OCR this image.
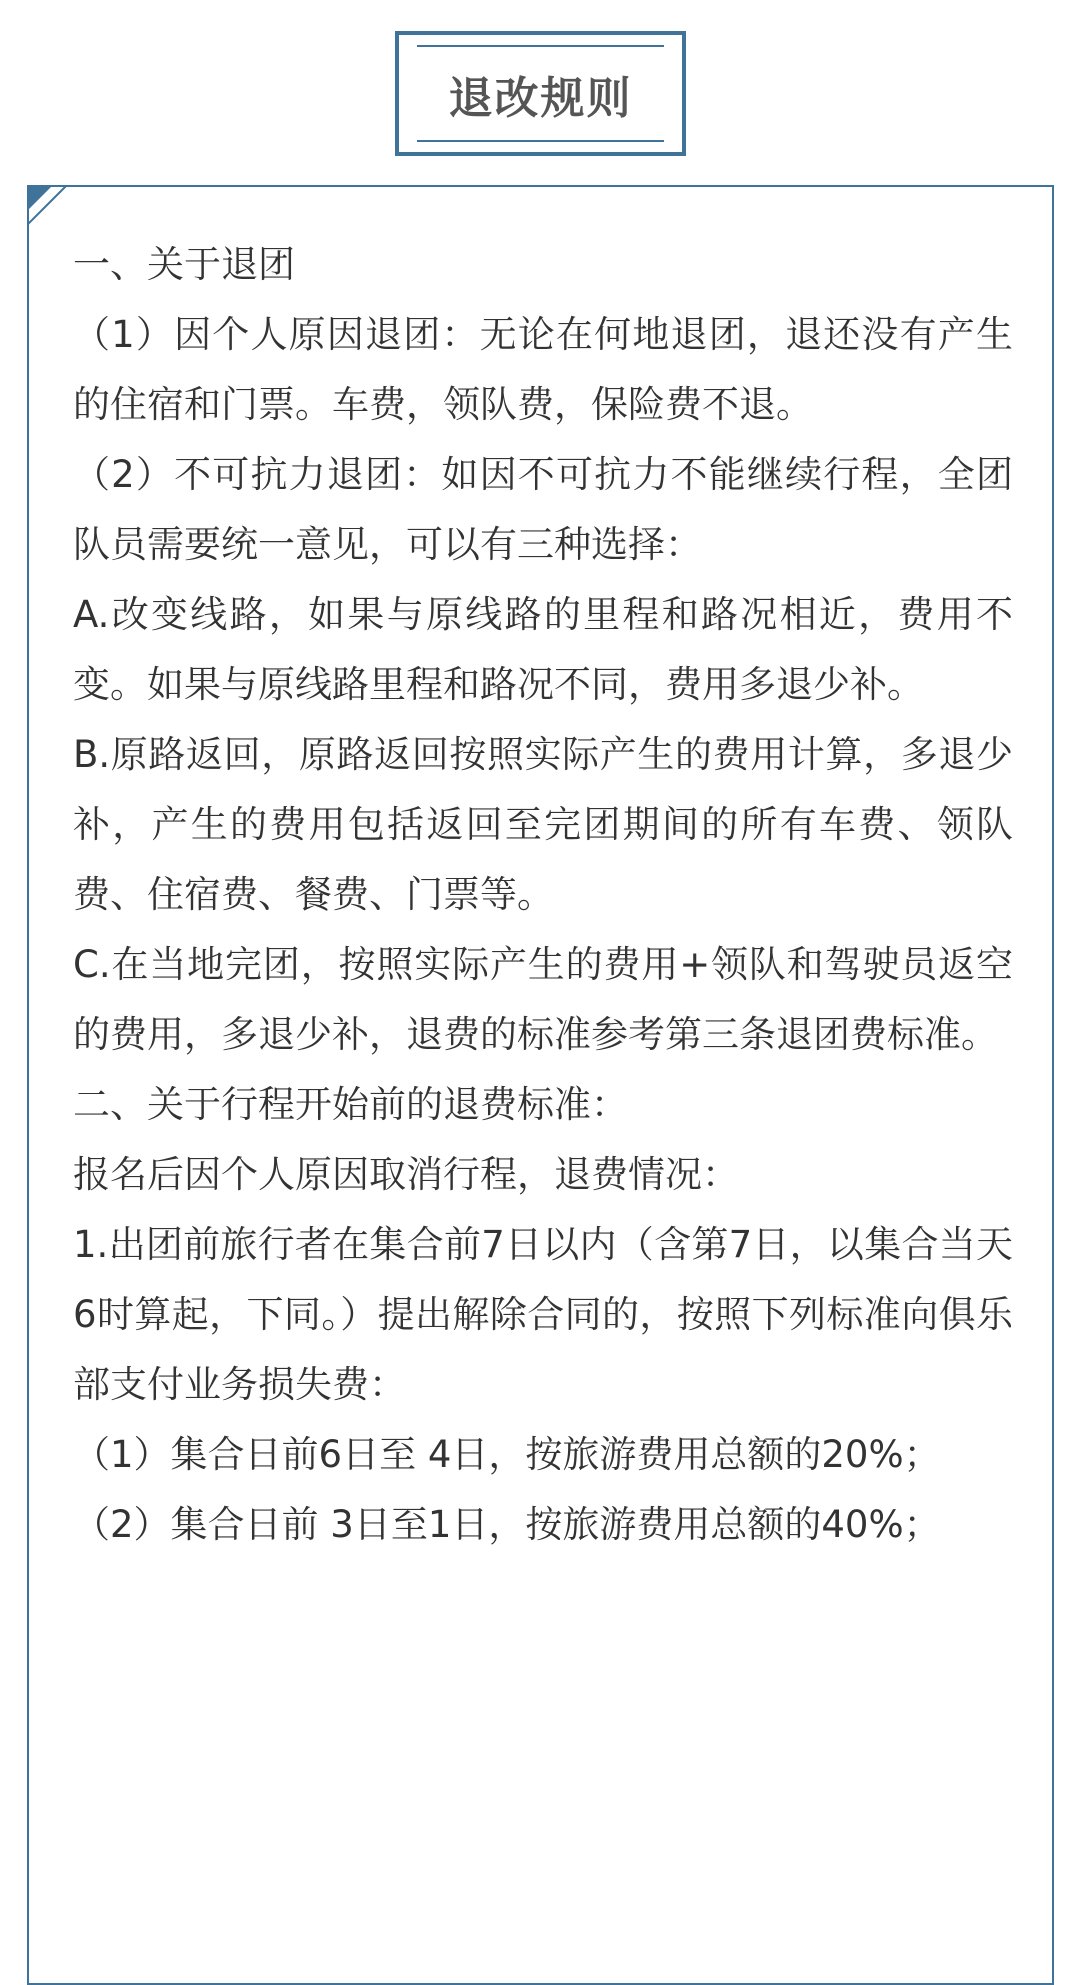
退改规则

一、关于退团

（1）因个人原因退团：无论在何地退团，退还没有产生的住宿和门票。车费，领队费，保险费不退。

（2）不可抗力退团：如因不可抗力不能继续行程，全团队员需要统一意见，可以有三种选择：

A.改变线路，如果与原线路的里程和路况相近，费用不变。如果与原线路里程和路况不同，费用多退少补。

B.原路返回，原路返回按照实际产生的费用计算，多退少补，产生的费用包括返回至完团期间的所有车费、领队费、住宿费、餐费、门票等。

C.在当地完团，按照实际产生的费用+领队和驾驶员返空的费用，多退少补，退费的标准参考第三条退团费标准。

二、关于行程开始前的退费标准：

报名后因个人原因取消行程，退费情况：

1.出团前旅行者在集合前7日以内（含第7日，以集合当天6时算起，下同。）提出解除合同的，按照下列标准向俱乐部支付业务损失费：

（1）集合日前6日至 4日，按旅游费用总额的20%；

（2）集合日前 3日至1日，按旅游费用总额的40%；
